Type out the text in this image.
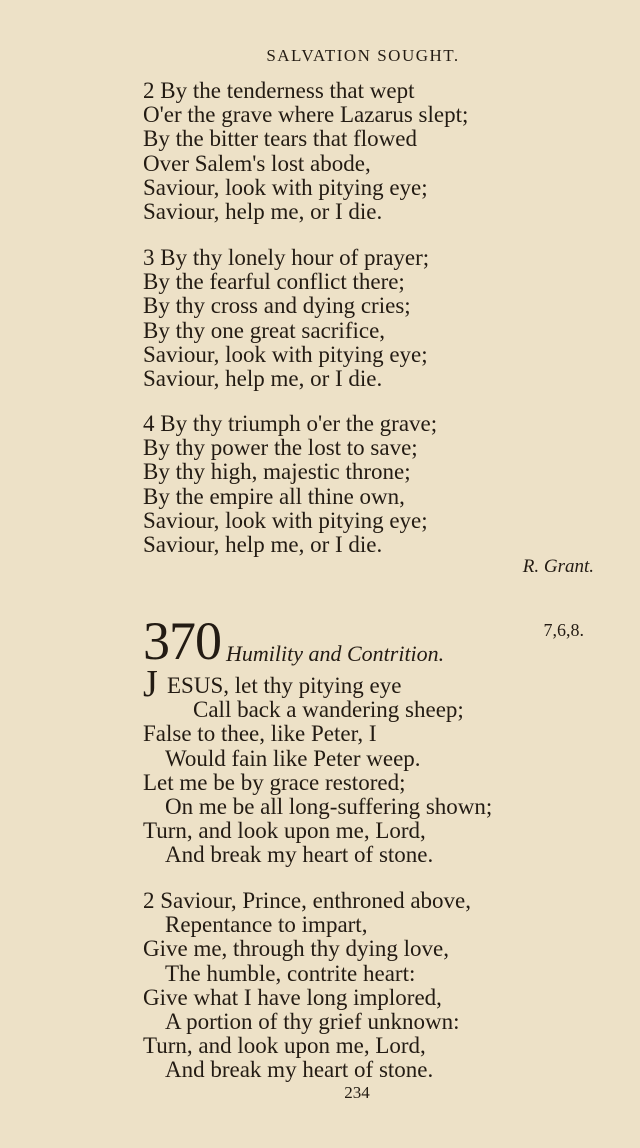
SALVATION SOUGHT.
2 By the tenderness that wept
O'er the grave where Lazarus slept;
By the bitter tears that flowed
Over Salem's lost abode,
Saviour, look with pitying eye;
Saviour, help me, or I die.
3 By thy lonely hour of prayer;
By the fearful conflict there;
By thy cross and dying cries;
By thy one great sacrifice,
Saviour, look with pitying eye;
Saviour, help me, or I die.
4 By thy triumph o'er the grave;
By thy power the lost to save;
By thy high, majestic throne;
By the empire all thine own,
Saviour, look with pitying eye;
Saviour, help me, or I die.
R. Grant.
370	7,6,8.
Humility and Contrition.
JESUS, let thy pitying eye
Call back a wandering sheep;
False to thee, like Peter, I
Would fain like Peter weep.
Let me be by grace restored;
On me be all long-suffering shown;
Turn, and look upon me, Lord,
And break my heart of stone.
2 Saviour, Prince, enthroned above,
Repentance to impart,
Give me, through thy dying love,
The humble, contrite heart:
Give what I have long implored,
A portion of thy grief unknown:
Turn, and look upon me, Lord,
And break my heart of stone.
234
